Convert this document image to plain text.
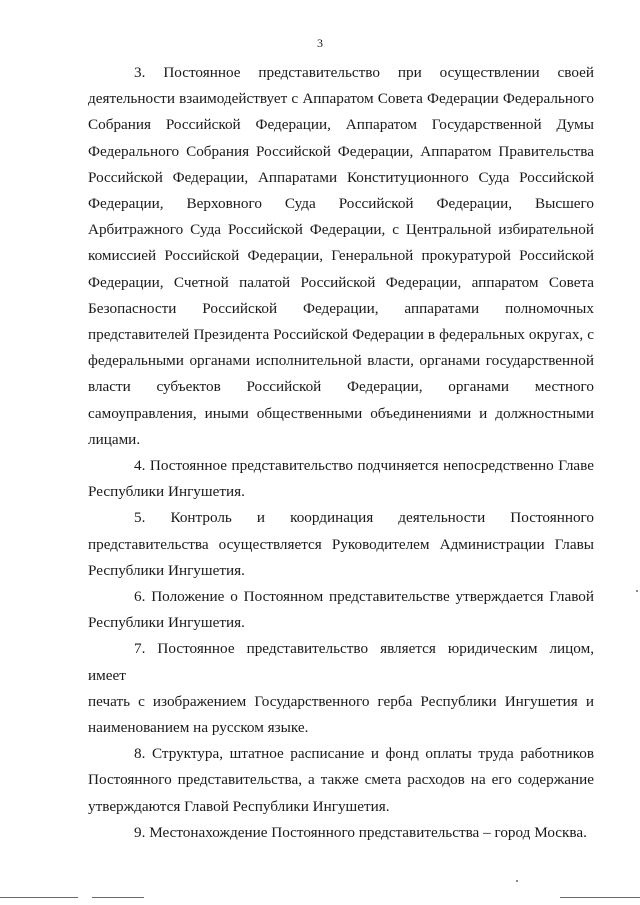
3
3. Постоянное представительство при осуществлении своей
деятельности взаимодействует с Аппаратом Совета Федерации Федерального
Собрания Российской Федерации, Аппаратом Государственной Думы
Федерального Собрания Российской Федерации, Аппаратом Правительства
Российской Федерации, Аппаратами Конституционного Суда Российской
Федерации, Верховного Суда Российской Федерации, Высшего
Арбитражного Суда Российской Федерации, с Центральной избирательной
комиссией Российской Федерации, Генеральной прокуратурой Российской
Федерации, Счетной палатой Российской Федерации, аппаратом Совета
Безопасности Российской Федерации, аппаратами полномочных
представителей Президента Российской Федерации в федеральных округах, с
федеральными органами исполнительной власти, органами государственной
власти субъектов Российской Федерации, органами местного
самоуправления, иными общественными объединениями и должностными
лицами.
4. Постоянное представительство подчиняется непосредственно Главе
Республики Ингушетия.
5. Контроль и координация деятельности Постоянного
представительства осуществляется Руководителем Администрации Главы
Республики Ингушетия.
6. Положение о Постоянном представительстве утверждается Главой
Республики Ингушетия.
7. Постоянное представительство является юридическим лицом, имеет
печать с изображением Государственного герба Республики Ингушетия и
наименованием на русском языке.
8. Структура, штатное расписание и фонд оплаты труда работников
Постоянного представительства, а также смета расходов на его содержание
утверждаются Главой Республики Ингушетия.
9. Местонахождение Постоянного представительства – город Москва.
